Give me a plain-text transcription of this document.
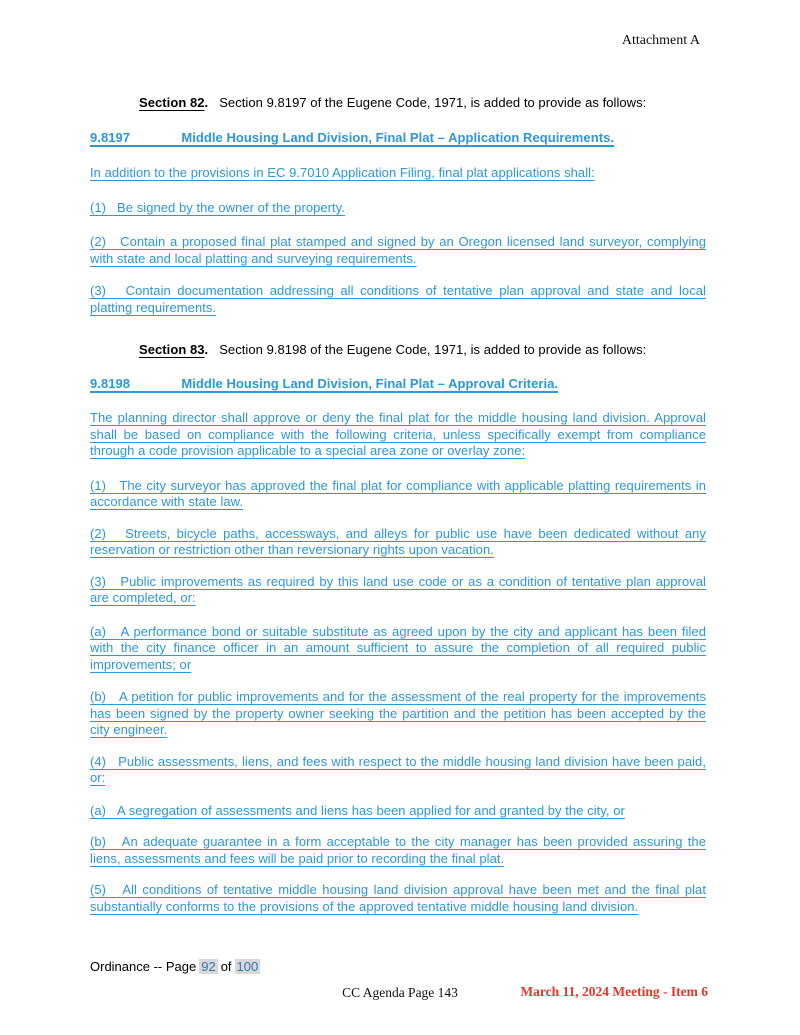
Attachment A

Section 82. Section 9.8197 of the Eugene Code, 1971, is added to provide as follows:

9.8197	Middle Housing Land Division, Final Plat – Application Requirements.

In addition to the provisions in EC 9.7010 Application Filing, final plat applications shall:

(1) Be signed by the owner of the property.

(2) Contain a proposed final plat stamped and signed by an Oregon licensed land surveyor, complying with state and local platting and surveying requirements.

(3) Contain documentation addressing all conditions of tentative plan approval and state and local platting requirements.

Section 83. Section 9.8198 of the Eugene Code, 1971, is added to provide as follows:

9.8198	Middle Housing Land Division, Final Plat – Approval Criteria.

The planning director shall approve or deny the final plat for the middle housing land division. Approval shall be based on compliance with the following criteria, unless specifically exempt from compliance through a code provision applicable to a special area zone or overlay zone:

(1) The city surveyor has approved the final plat for compliance with applicable platting requirements in accordance with state law.

(2) Streets, bicycle paths, accessways, and alleys for public use have been dedicated without any reservation or restriction other than reversionary rights upon vacation.

(3) Public improvements as required by this land use code or as a condition of tentative plan approval are completed, or:

(a) A performance bond or suitable substitute as agreed upon by the city and applicant has been filed with the city finance officer in an amount sufficient to assure the completion of all required public improvements; or

(b) A petition for public improvements and for the assessment of the real property for the improvements has been signed by the property owner seeking the partition and the petition has been accepted by the city engineer.

(4) Public assessments, liens, and fees with respect to the middle housing land division have been paid, or:

(a) A segregation of assessments and liens has been applied for and granted by the city, or

(b) An adequate guarantee in a form acceptable to the city manager has been provided assuring the liens, assessments and fees will be paid prior to recording the final plat.

(5) All conditions of tentative middle housing land division approval have been met and the final plat substantially conforms to the provisions of the approved tentative middle housing land division.

Ordinance -- Page 92 of 100
CC Agenda Page 143	March 11, 2024 Meeting - Item 6
